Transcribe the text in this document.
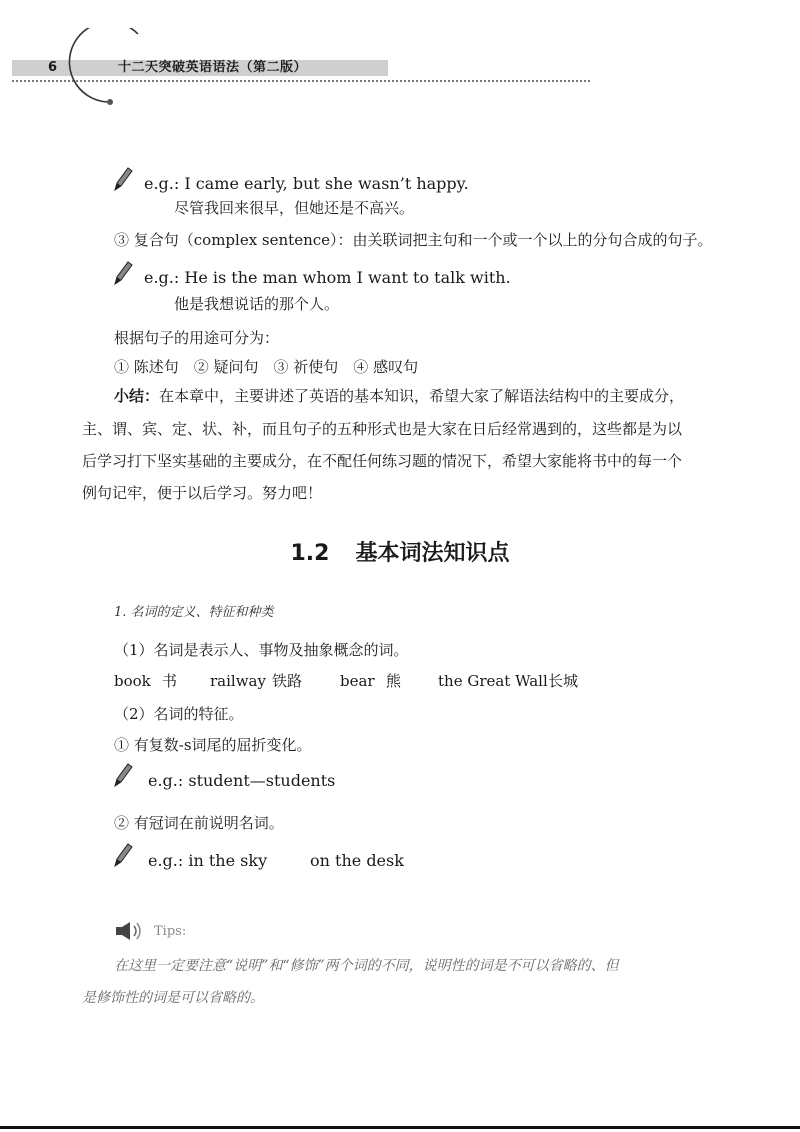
6	十二天突破英语语法（第二版）
e.g.: I came early, but she wasn’t happy.
尽管我回来很早，但她还是不高兴。
③ 复合句（complex sentence）：由关联词把主句和一个或一个以上的分句合成的句子。
e.g.: He is the man whom I want to talk with.
他是我想说话的那个人。
根据句子的用途可分为：
① 陈述句　② 疑问句　③ 祈使句　④ 感叹句
小结：在本章中，主要讲述了英语的基本知识，希望大家了解语法结构中的主要成分，
主、谓、宾、定、状、补，而且句子的五种形式也是大家在日后经常遇到的，这些都是为以
后学习打下坚实基础的主要成分，在不配任何练习题的情况下，希望大家能将书中的每一个
例句记牢，便于以后学习。努力吧！
1.2 基本词法知识点
1. 名词的定义、特征和种类
（1）名词是表示人、事物及抽象概念的词。
book 书 railway 铁路	bear 熊 the Great Wall长城
（2）名词的特征。
① 有复数-s词尾的屈折变化。
e.g.: student—students
② 有冠词在前说明名词。
e.g.: in the sky	on the desk
Tips:
在这里一定要注意“说明”和“修饰”两个词的不同，说明性的词是不可以省略的、但
是修饰性的词是可以省略的。
